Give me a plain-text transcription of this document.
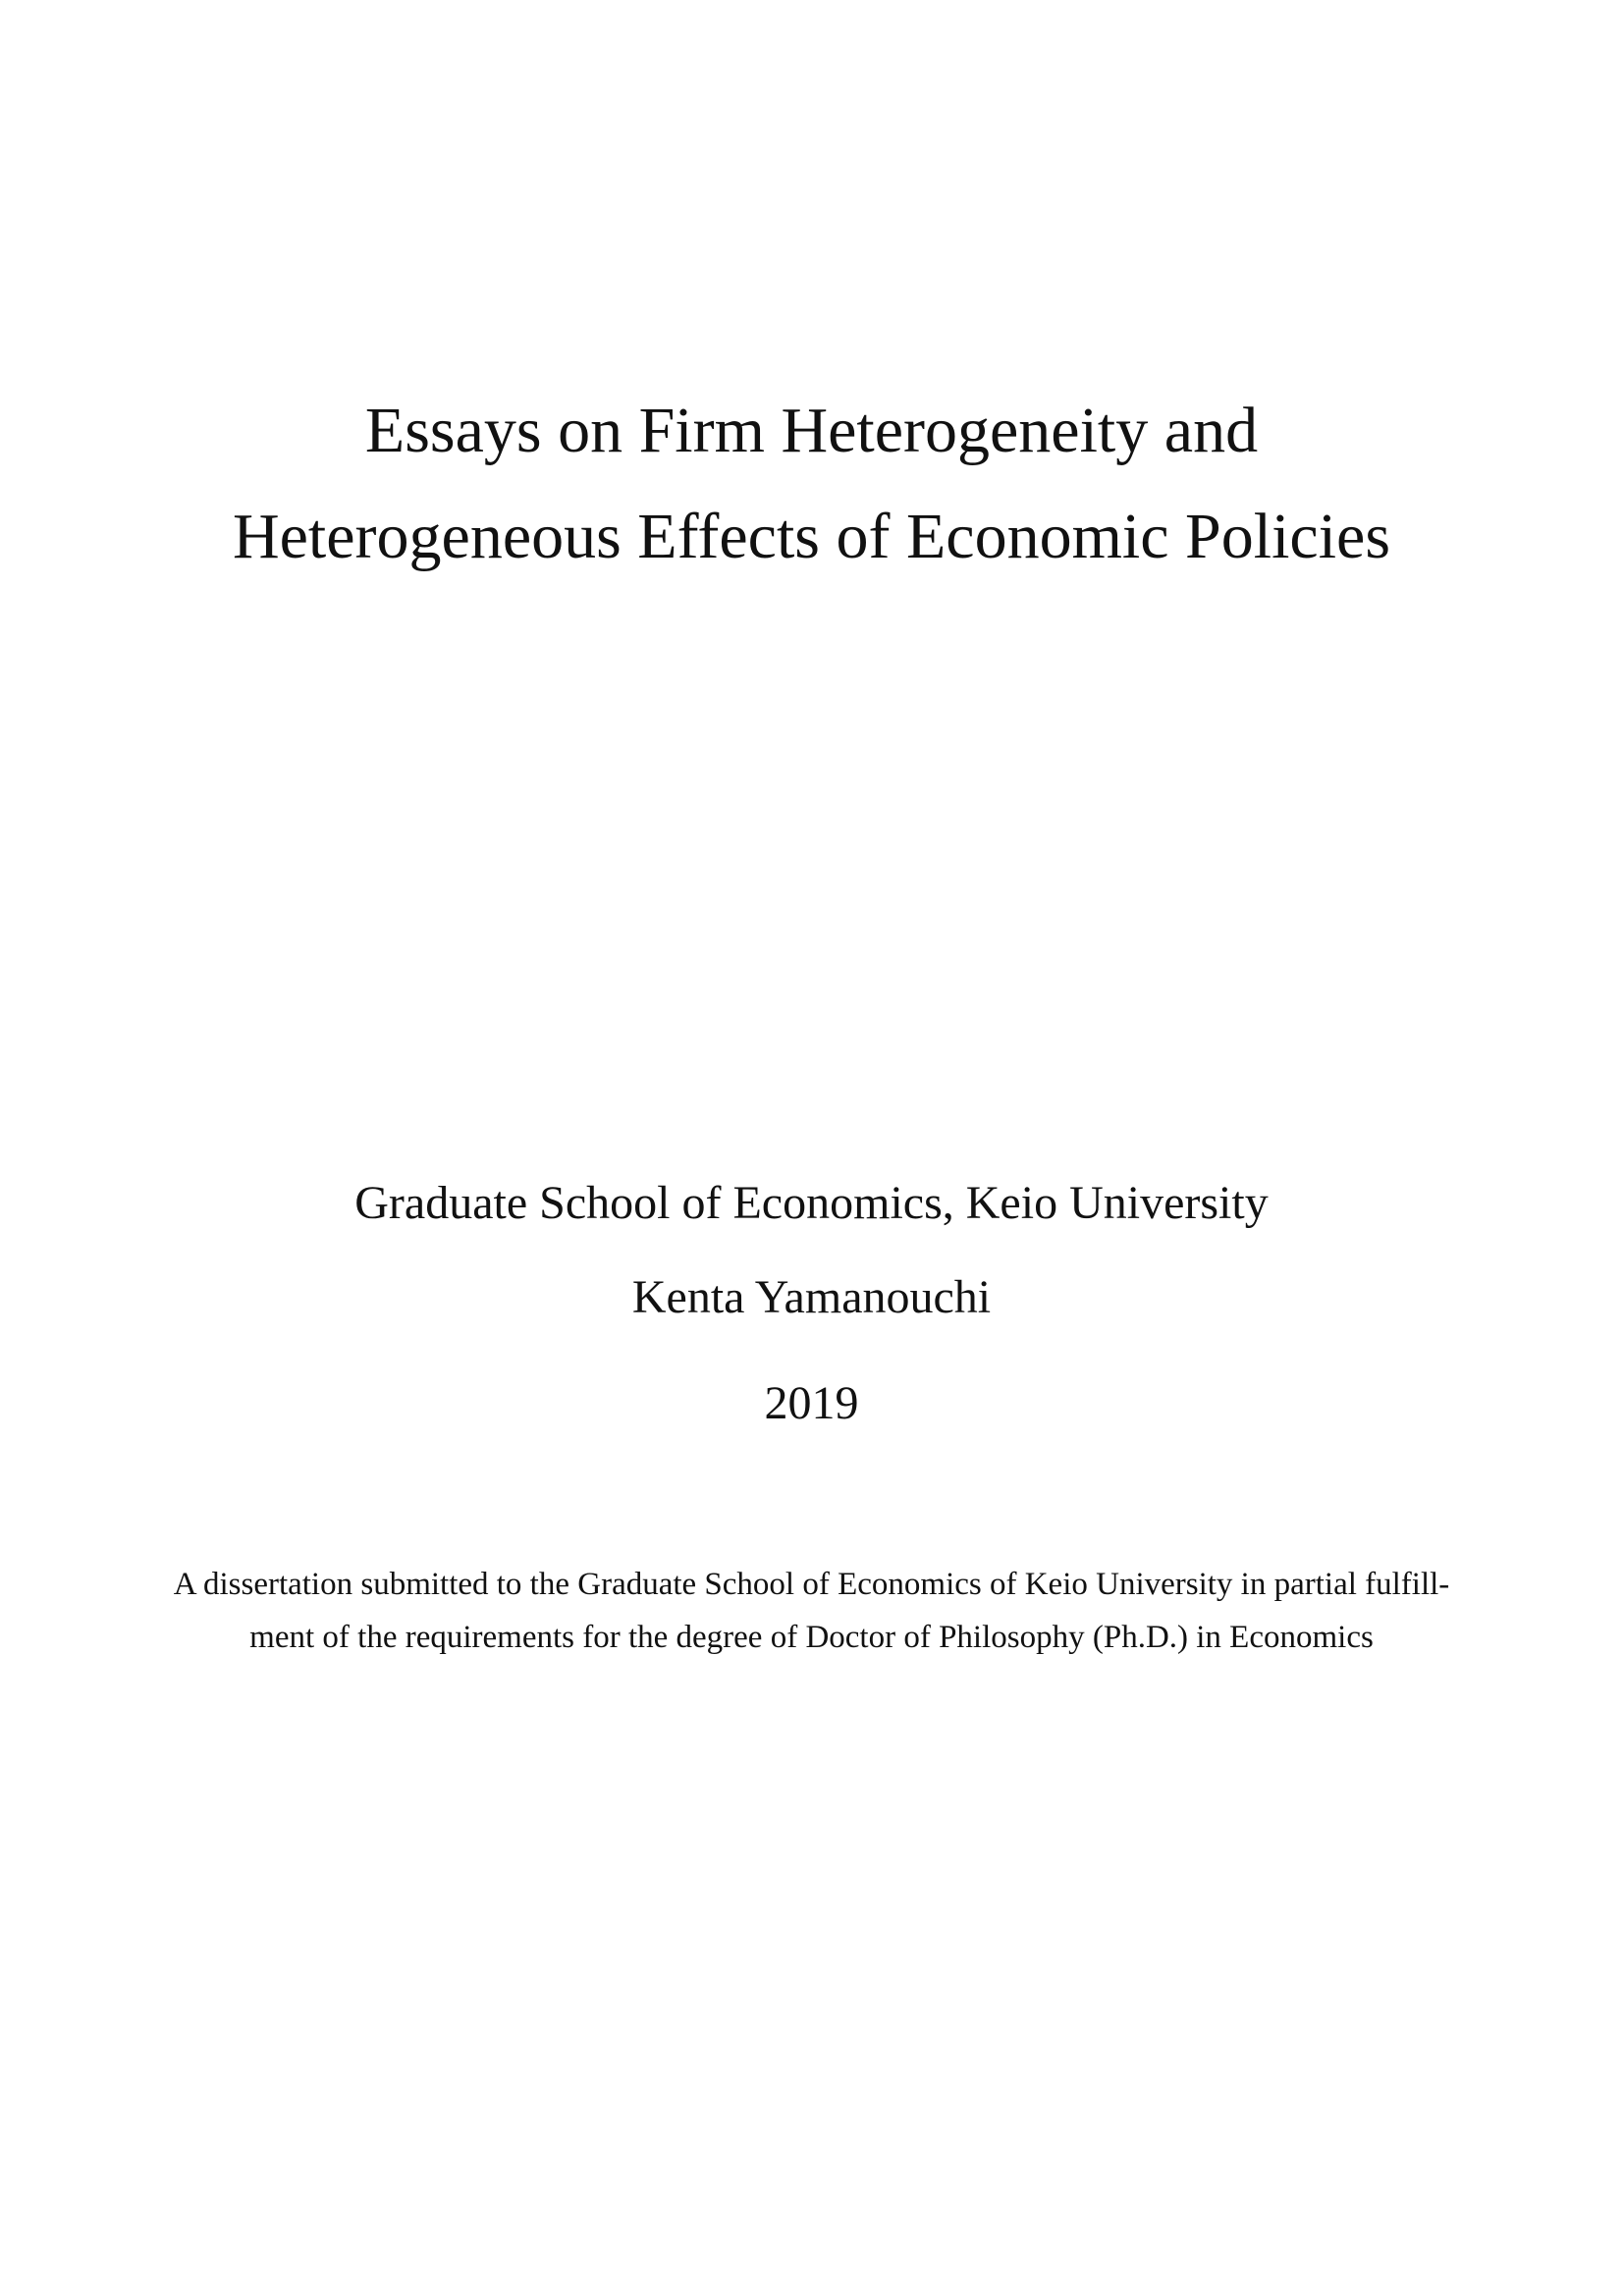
Essays on Firm Heterogeneity and
Heterogeneous Effects of Economic Policies
Graduate School of Economics, Keio University
Kenta Yamanouchi
2019
A dissertation submitted to the Graduate School of Economics of Keio University in partial fulfill-
ment of the requirements for the degree of Doctor of Philosophy (Ph.D.) in Economics
